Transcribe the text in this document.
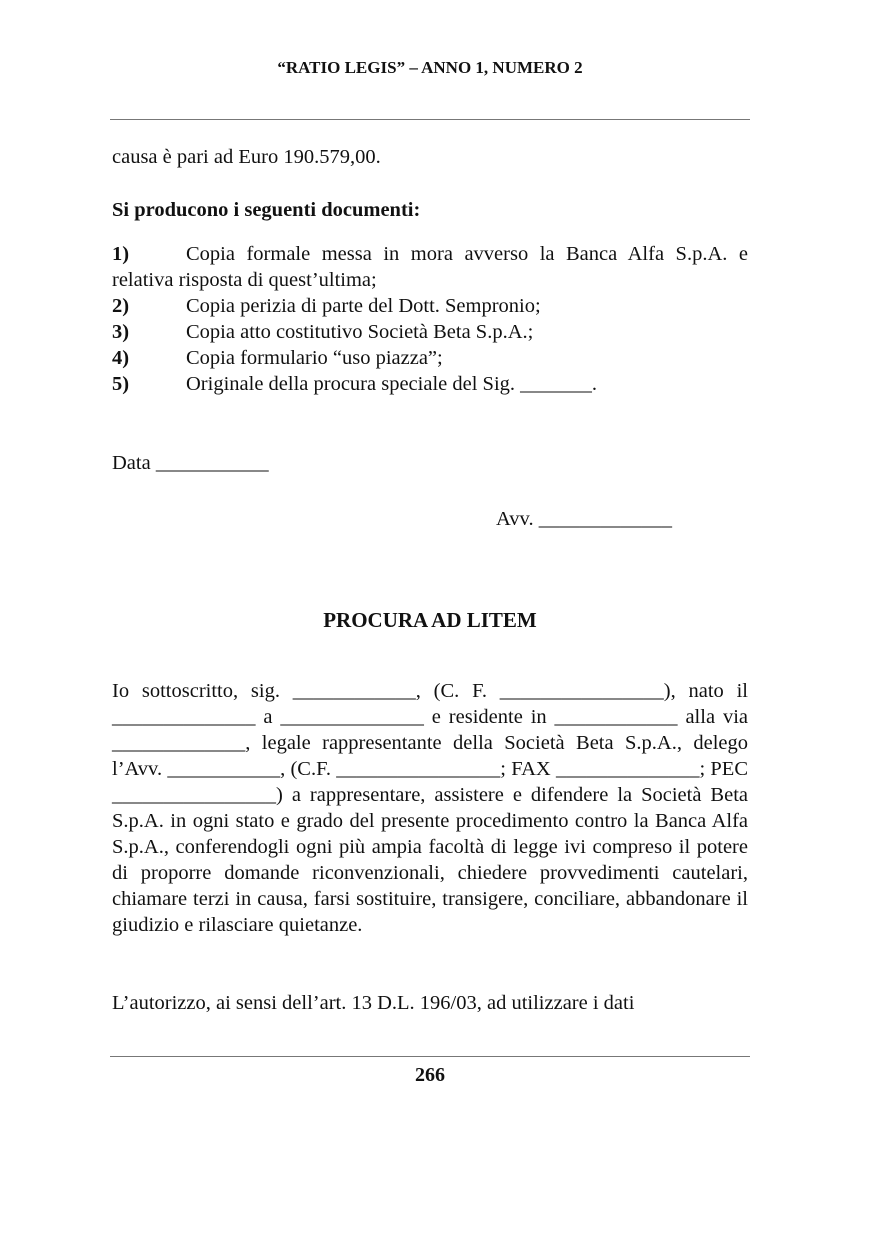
“RATIO LEGIS” – ANNO 1, NUMERO 2
causa è pari ad Euro 190.579,00.
Si producono i seguenti documenti:
1)	Copia formale messa in mora avverso la Banca Alfa S.p.A. e
relativa risposta di quest’ultima;
2)	Copia perizia di parte del Dott. Sempronio;
3)	Copia atto costitutivo Società Beta S.p.A.;
4)	Copia formulario “uso piazza”;
5)	Originale della procura speciale del Sig. _______.
Data ___________
Avv. _____________
PROCURA AD LITEM

Io sottoscritto, sig. ____________, (C. F. ________________), nato il ______________ a ______________ e residente in ____________ alla via _____________, legale rappresentante della Società Beta S.p.A., delego l’Avv. ___________, (C.F. ________________; FAX ______________; PEC ________________) a rappresentare, assistere e difendere la Società Beta S.p.A. in ogni stato e grado del presente procedimento contro la Banca Alfa S.p.A., conferendogli ogni più ampia facoltà di legge ivi compreso il potere di proporre domande riconvenzionali, chiedere provvedimenti cautelari, chiamare terzi in causa, farsi sostituire, transigere, conciliare, abbandonare il giudizio e rilasciare quietanze.

L’autorizzo, ai sensi dell’art. 13 D.L. 196/03, ad utilizzare i dati
266
